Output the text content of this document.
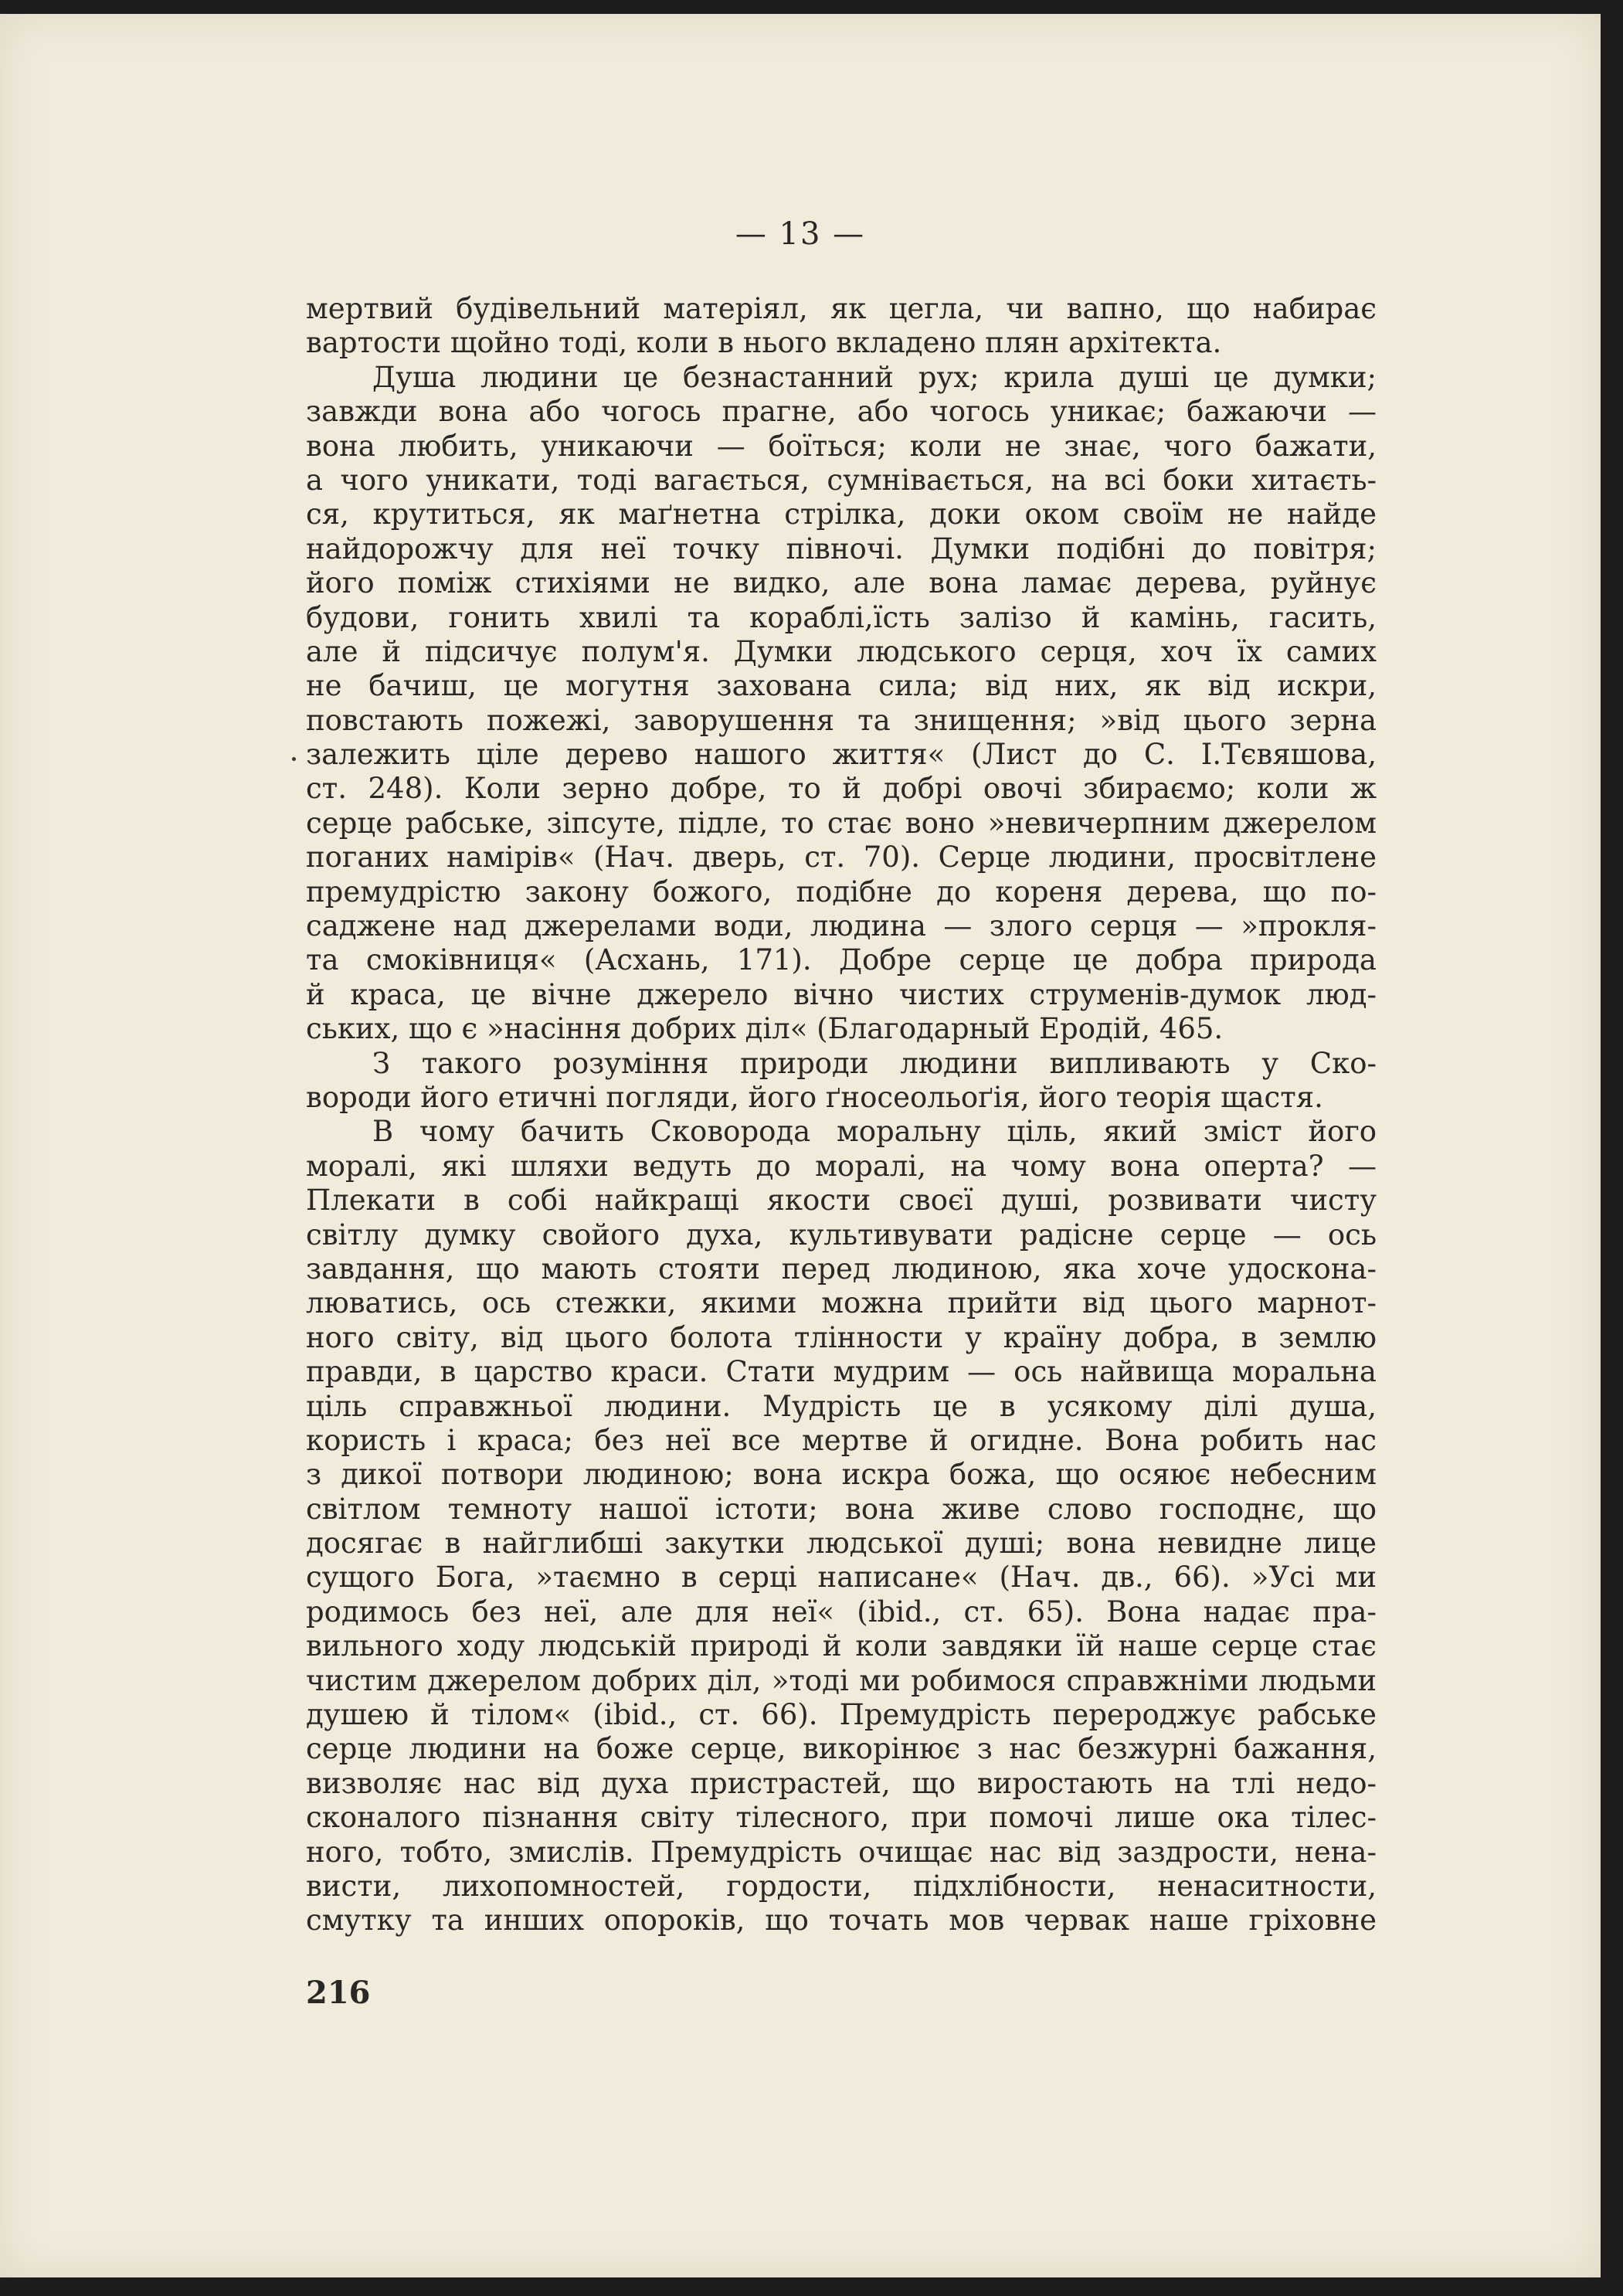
— 13 —
мертвий будівельний матеріял, як цегла, чи вапно, що набирає
вартости щойно тоді, коли в нього вкладено плян архітекта.
Душа людини це безнастанний рух; крила душі це думки;
завжди вона або чогось прагне, або чогось уникає; бажаючи —
вона любить, уникаючи — боїться; коли не знає, чого бажати,
а чого уникати, тоді вагається, сумнівається, на всі боки хитаєть-
ся, крутиться, як маґнетна стрілка, доки оком своїм не найде
найдорожчу для неї точку півночі. Думки подібні до повітря;
його поміж стихіями не видко, але вона ламає дерева, руйнує
будови, гонить хвилі та кораблі,їсть залізо й камінь, гасить,
але й підсичує полум'я. Думки людського серця, хоч їх самих
не бачиш, це могутня захована сила; від них, як від искри,
повстають пожежі, заворушення та знищення; »від цього зерна
залежить ціле дерево нашого життя« (Лист до С. І.Тєвяшова,
ст. 248). Коли зерно добре, то й добрі овочі збираємо; коли ж
серце рабське, зіпсуте, підле, то стає воно »невичерпним джерелом
поганих намірів« (Нач. дверь, ст. 70). Серце людини, просвітлене
премудрістю закону божого, подібне до кореня дерева, що по-
саджене над джерелами води, людина — злого серця — »прокля-
та смоківниця« (Асхань, 171). Добре серце це добра природа
й краса, це вічне джерело вічно чистих струменів-думок люд-
ських, що є »насіння добрих діл« (Благодарный Еродій, 465.
З такого розуміння природи людини випливають у Ско-
вороди його етичні погляди, його ґносеольоґія, його теорія щастя.
В чому бачить Сковорода моральну ціль, який зміст його
моралі, які шляхи ведуть до моралі, на чому вона оперта? —
Плекати в собі найкращі якости своєї душі, розвивати чисту
світлу думку свойого духа, культивувати радісне серце — ось
завдання, що мають стояти перед людиною, яка хоче удоскона-
люватись, ось стежки, якими можна прийти від цього марнот-
ного світу, від цього болота тлінности у країну добра, в землю
правди, в царство краси. Стати мудрим — ось найвища моральна
ціль справжньої людини. Мудрість це в усякому ділі душа,
користь і краса; без неї все мертве й огидне. Вона робить нас
з дикої потвори людиною; вона искра божа, що осяює небесним
світлом темноту нашої істоти; вона живе слово господнє, що
досягає в найглибші закутки людської душі; вона невидне лице
сущого Бога, »таємно в серці написане« (Нач. дв., 66). »Усі ми
родимось без неї, але для неї« (ibid., ст. 65). Вона надає пра-
вильного ходу людській природі й коли завдяки їй наше серце стає
чистим джерелом добрих діл, »тоді ми робимося справжніми людьми
душею й тілом« (ibid., ст. 66). Премудрість перероджує рабське
серце людини на боже серце, викорінює з нас безжурні бажання,
визволяє нас від духа пристрастей, що виростають на тлі недо-
сконалого пізнання світу тілесного, при помочі лише ока тілес-
ного, тобто, змислів. Премудрість очищає нас від заздрости, нена-
висти, лихопомностей, гордости, підхлібности, ненаситности,
смутку та инших опороків, що точать мов червак наше гріховне
216
